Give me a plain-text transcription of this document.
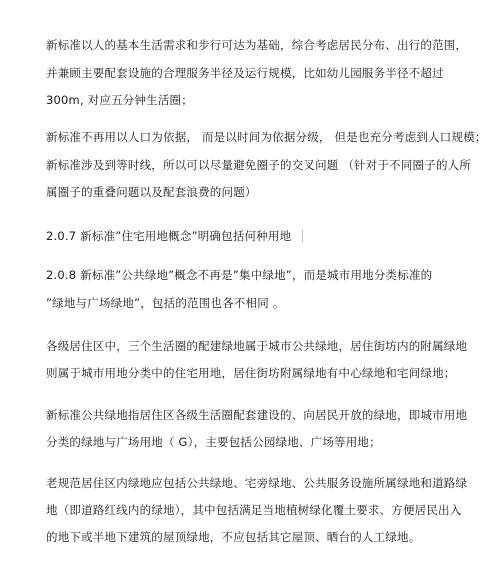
新标准以人的基本生活需求和步行可达为基础，综合考虑居民分布、出行的范围，
并兼顾主要配套设施的合理服务半径及运行规模，比如幼儿园服务半径不超过
300m, 对应五分钟生活圈；
新标准不再用以人口为依据， 而是以时间为依据分级， 但是也充分考虑到人口规模；
新标准涉及到等时线，所以可以尽量避免圈子的交叉问题 （针对于不同圈子的人所
属圈子的重叠问题以及配套浪费的问题）
2.0.7 新标准”住宅用地概念”明确包括何种用地
2.0.8 新标准”公共绿地”概念不再是”集中绿地”，而是城市用地分类标准的
”绿地与广场绿地”，包括的范围也各不相同 。
各级居住区中，三个生活圈的配建绿地属于城市公共绿地，居住街坊内的附属绿地
则属于城市用地分类中的住宅用地，居住街坊附属绿地有中心绿地和宅间绿地；
新标准公共绿地指居住区各级生活圈配套建设的、向居民开放的绿地，即城市用地
分类的绿地与广场用地（ G），主要包括公园绿地、广场等用地；
老规范居住区内绿地应包括公共绿地、宅旁绿地、公共服务设施所属绿地和道路绿
地（即道路红线内的绿地），其中包括满足当地植树绿化覆土要求、方便居民出入
的地下或半地下建筑的屋顶绿地，不应包括其它屋顶、晒台的人工绿地。
